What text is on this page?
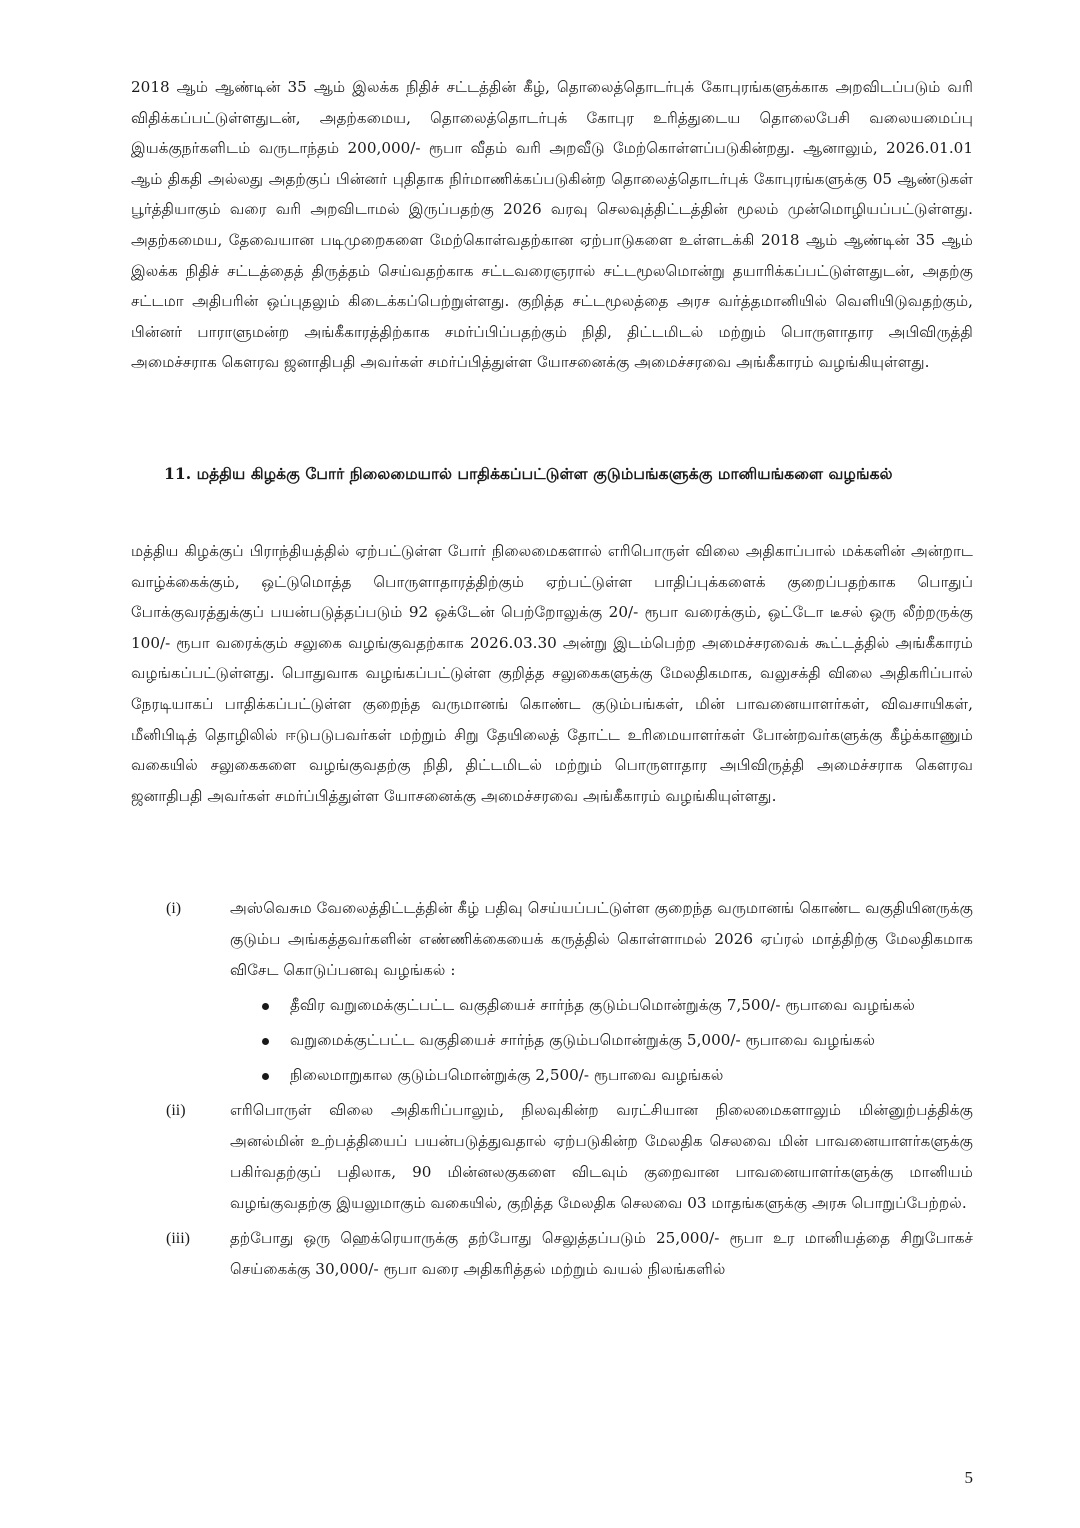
2018 ஆம் ஆண்டின் 35 ஆம் இலக்க நிதிச் சட்டத்தின் கீழ், தொலைத்தொடர்புக் கோபுரங்களுக்காக அறவிடப்படும் வரி விதிக்கப்பட்டுள்ளதுடன், அதற்கமைய, தொலைத்தொடர்புக் கோபுர உரித்துடைய தொலைபேசி வலையமைப்பு இயக்குநர்களிடம் வருடாந்தம் 200,000/- ரூபா வீதம் வரி அறவீடு மேற்கொள்ளப்படுகின்றது. ஆனாலும், 2026.01.01 ஆம் திகதி அல்லது அதற்குப் பின்னர் புதிதாக நிர்மாணிக்கப்படுகின்ற தொலைத்தொடர்புக் கோபுரங்களுக்கு 05 ஆண்டுகள் பூர்த்தியாகும் வரை வரி அறவிடாமல் இருப்பதற்கு 2026 வரவு செலவுத்திட்டத்தின் மூலம் முன்மொழியப்பட்டுள்ளது. அதற்கமைய, தேவையான படிமுறைகளை மேற்கொள்வதற்கான ஏற்பாடுகளை உள்ளடக்கி 2018 ஆம் ஆண்டின் 35 ஆம் இலக்க நிதிச் சட்டத்தைத் திருத்தம் செய்வதற்காக சட்டவரைஞரால் சட்டமூலமொன்று தயாரிக்கப்பட்டுள்ளதுடன், அதற்கு சட்டமா அதிபரின் ஒப்புதலும் கிடைக்கப்பெற்றுள்ளது. குறித்த சட்டமூலத்தை அரச வர்த்தமானியில் வெளியிடுவதற்கும், பின்னர் பாராளுமன்ற அங்கீகாரத்திற்காக சமர்ப்பிப்பதற்கும் நிதி, திட்டமிடல் மற்றும் பொருளாதார அபிவிருத்தி அமைச்சராக கௌரவ ஜனாதிபதி அவர்கள் சமர்ப்பித்துள்ள யோசனைக்கு அமைச்சரவை அங்கீகாரம் வழங்கியுள்ளது.

11. மத்திய கிழக்கு போர் நிலைமையால் பாதிக்கப்பட்டுள்ள குடும்பங்களுக்கு மானியங்களை வழங்கல்

மத்திய கிழக்குப் பிராந்தியத்தில் ஏற்பட்டுள்ள போர் நிலைமைகளால் எரிபொருள் விலை அதிகாப்பால் மக்களின் அன்றாட வாழ்க்கைக்கும், ஒட்டுமொத்த பொருளாதாரத்திற்கும் ஏற்பட்டுள்ள பாதிப்புக்களைக் குறைப்பதற்காக பொதுப் போக்குவரத்துக்குப் பயன்படுத்தப்படும் 92 ஒக்டேன் பெற்றோலுக்கு 20/- ரூபா வரைக்கும், ஒட்டோ டீசல் ஒரு லீற்றருக்கு 100/- ரூபா வரைக்கும் சலுகை வழங்குவதற்காக 2026.03.30 அன்று இடம்பெற்ற அமைச்சரவைக் கூட்டத்தில் அங்கீகாரம் வழங்கப்பட்டுள்ளது. பொதுவாக வழங்கப்பட்டுள்ள குறித்த சலுகைகளுக்கு மேலதிகமாக, வலுசக்தி விலை அதிகரிப்பால் நேரடியாகப் பாதிக்கப்பட்டுள்ள குறைந்த வருமானங் கொண்ட குடும்பங்கள், மின் பாவனையாளர்கள், விவசாயிகள், மீனிபிடித் தொழிலில் ஈடுபடுபவர்கள் மற்றும் சிறு தேயிலைத் தோட்ட உரிமையாளர்கள் போன்றவர்களுக்கு கீழ்க்காணும் வகையில் சலுகைகளை வழங்குவதற்கு நிதி, திட்டமிடல் மற்றும் பொருளாதார அபிவிருத்தி அமைச்சராக கௌரவ ஜனாதிபதி அவர்கள் சமர்ப்பித்துள்ள யோசனைக்கு அமைச்சரவை அங்கீகாரம் வழங்கியுள்ளது.

(i)	அஸ்வெசும வேலைத்திட்டத்தின் கீழ் பதிவு செய்யப்பட்டுள்ள குறைந்த வருமானங் கொண்ட வகுதியினருக்கு குடும்ப அங்கத்தவர்களின் எண்ணிக்கையைக் கருத்தில் கொள்ளாமல் 2026 ஏப்ரல் மாத்திற்கு மேலதிகமாக விசேட கொடுப்பனவு வழங்கல் :
தீவிர வறுமைக்குட்பட்ட வகுதியைச் சார்ந்த குடும்பமொன்றுக்கு 7,500/- ரூபாவை வழங்கல்
வறுமைக்குட்பட்ட வகுதியைச் சார்ந்த குடும்பமொன்றுக்கு 5,000/- ரூபாவை வழங்கல்
நிலைமாறுகால குடும்பமொன்றுக்கு 2,500/- ரூபாவை வழங்கல்
(ii)	எரிபொருள் விலை அதிகரிப்பாலும், நிலவுகின்ற வரட்சியான நிலைமைகளாலும் மின்னுற்பத்திக்கு அனல்மின் உற்பத்தியைப் பயன்படுத்துவதால் ஏற்படுகின்ற மேலதிக செலவை மின் பாவனையாளர்களுக்கு பகிர்வதற்குப் பதிலாக, 90 மின்னலகுகளை விடவும் குறைவான பாவனையாளர்களுக்கு மானியம் வழங்குவதற்கு இயலுமாகும் வகையில், குறித்த மேலதிக செலவை 03 மாதங்களுக்கு அரசு பொறுப்பேற்றல்.
(iii)	தற்போது ஒரு ஹெக்ரெயாருக்கு தற்போது செலுத்தப்படும் 25,000/- ரூபா உர மானியத்தை சிறுபோகச் செய்கைக்கு 30,000/- ரூபா வரை அதிகரித்தல் மற்றும் வயல் நிலங்களில்
5
